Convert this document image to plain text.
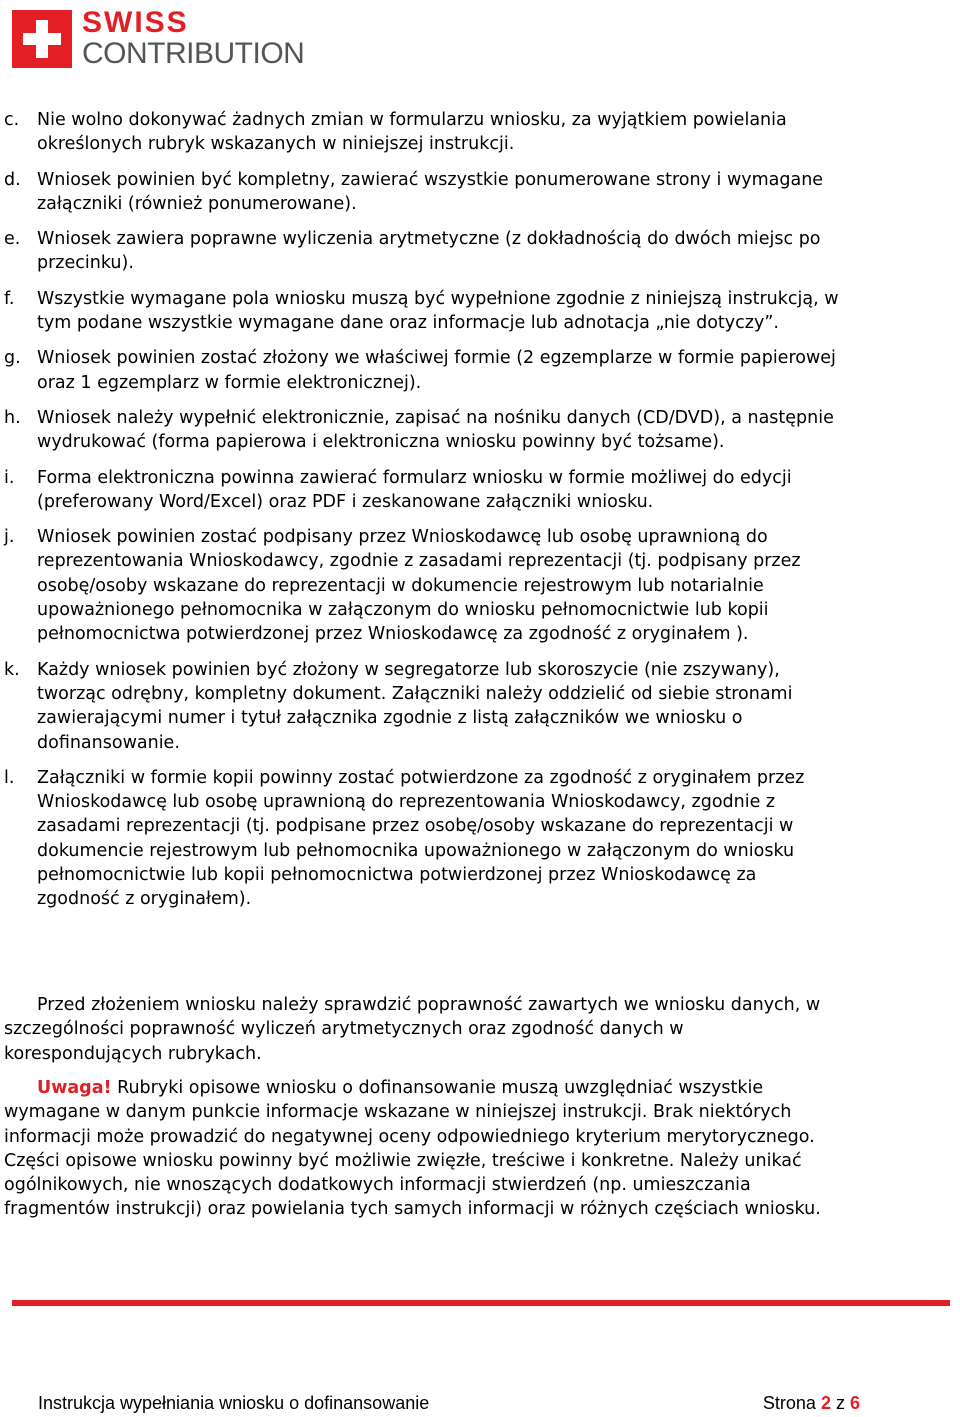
SWISS
CONTRIBUTION
c. Nie wolno dokonywać żadnych zmian w formularzu wniosku, za wyjątkiem powielania określonych rubryk wskazanych w niniejszej instrukcji.
d. Wniosek powinien być kompletny, zawierać wszystkie ponumerowane strony i wymagane załączniki (również ponumerowane).
e. Wniosek zawiera poprawne wyliczenia arytmetyczne (z dokładnością do dwóch miejsc po przecinku).
f. Wszystkie wymagane pola wniosku muszą być wypełnione zgodnie z niniejszą instrukcją, w tym podane wszystkie wymagane dane oraz informacje lub adnotacja „nie dotyczy”.
g. Wniosek powinien zostać złożony we właściwej formie (2 egzemplarze w formie papierowej oraz 1 egzemplarz w formie elektronicznej).
h. Wniosek należy wypełnić elektronicznie, zapisać na nośniku danych (CD/DVD), a następnie wydrukować (forma papierowa i elektroniczna wniosku powinny być tożsame).
i. Forma elektroniczna powinna zawierać formularz wniosku w formie możliwej do edycji (preferowany Word/Excel) oraz PDF i zeskanowane załączniki wniosku.
j. Wniosek powinien zostać podpisany przez Wnioskodawcę lub osobę uprawnioną do reprezentowania Wnioskodawcy, zgodnie z zasadami reprezentacji (tj. podpisany przez osobę/osoby wskazane do reprezentacji w dokumencie rejestrowym lub notarialnie upoważnionego pełnomocnika w załączonym do wniosku pełnomocnictwie lub kopii pełnomocnictwa potwierdzonej przez Wnioskodawcę za zgodność z oryginałem ).
k. Każdy wniosek powinien być złożony w segregatorze lub skoroszycie (nie zszywany), tworząc odrębny, kompletny dokument. Załączniki należy oddzielić od siebie stronami zawierającymi numer i tytuł załącznika zgodnie z listą załączników we wniosku o dofinansowanie.
l. Załączniki w formie kopii powinny zostać potwierdzone za zgodność z oryginałem przez Wnioskodawcę lub osobę uprawnioną do reprezentowania Wnioskodawcy, zgodnie z zasadami reprezentacji (tj. podpisane przez osobę/osoby wskazane do reprezentacji w dokumencie rejestrowym lub pełnomocnika upoważnionego w załączonym do wniosku pełnomocnictwie lub kopii pełnomocnictwa potwierdzonej przez Wnioskodawcę za zgodność z oryginałem).
Przed złożeniem wniosku należy sprawdzić poprawność zawartych we wniosku danych, w szczególności poprawność wyliczeń arytmetycznych oraz zgodność danych w korespondujących rubrykach.
Uwaga! Rubryki opisowe wniosku o dofinansowanie muszą uwzględniać wszystkie wymagane w danym punkcie informacje wskazane w niniejszej instrukcji. Brak niektórych informacji może prowadzić do negatywnej oceny odpowiedniego kryterium merytorycznego. Części opisowe wniosku powinny być możliwie zwięzłe, treściwe i konkretne. Należy unikać ogólnikowych, nie wnoszących dodatkowych informacji stwierdzeń (np. umieszczania fragmentów instrukcji) oraz powielania tych samych informacji w różnych częściach wniosku.
Instrukcja wypełniania wniosku o dofinansowanie	Strona 2 z 6
